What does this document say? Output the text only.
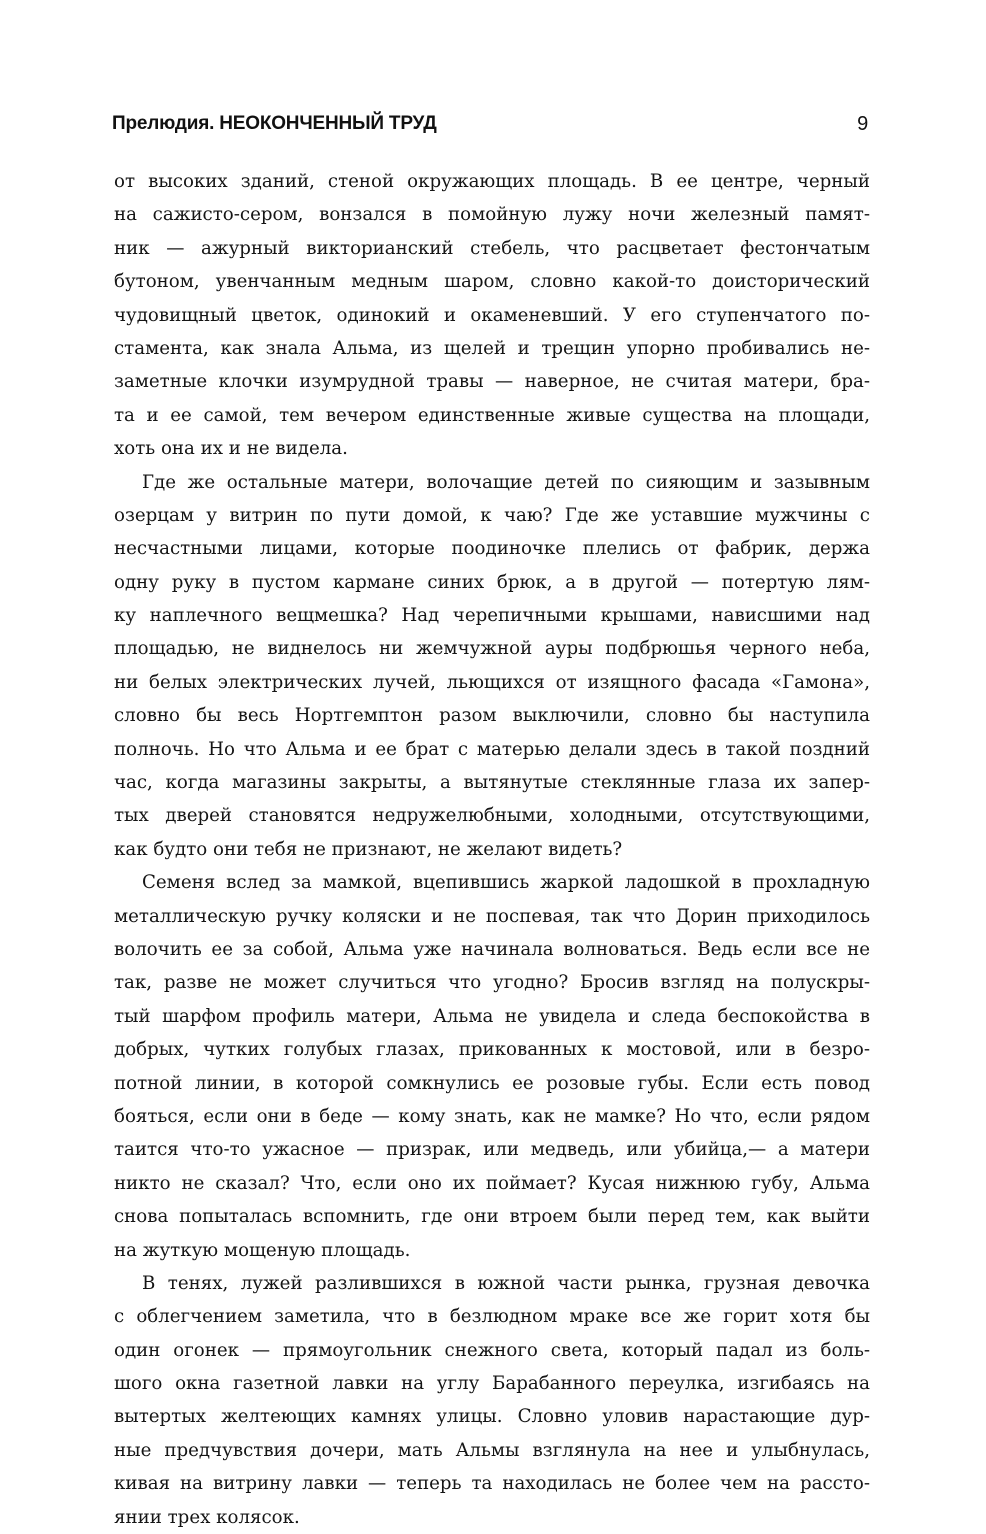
Прелюдия. НЕОКОНЧЕННЫЙ ТРУД	9
от высоких зданий, стеной окружающих площадь. В ее центре, черный
на сажисто-сером, вонзался в помойную лужу ночи железный памят-
ник — ажурный викторианский стебель, что расцветает фестончатым
бутоном, увенчанным медным шаром, словно какой-то доисторический
чудовищный цветок, одинокий и окаменевший. У его ступенчатого по-
стамента, как знала Альма, из щелей и трещин упорно пробивались не-
заметные клочки изумрудной травы — наверное, не считая матери, бра-
та и ее самой, тем вечером единственные живые существа на площади,
хоть она их и не видела.
Где же остальные матери, волочащие детей по сияющим и зазывным
озерцам у витрин по пути домой, к чаю? Где же уставшие мужчины с
несчастными лицами, которые поодиночке плелись от фабрик, держа
одну руку в пустом кармане синих брюк, а в другой — потертую лям-
ку наплечного вещмешка? Над черепичными крышами, нависшими над
площадью, не виднелось ни жемчужной ауры подбрюшья черного неба,
ни белых электрических лучей, льющихся от изящного фасада «Гамона»,
словно бы весь Нортгемптон разом выключили, словно бы наступила
полночь. Но что Альма и ее брат с матерью делали здесь в такой поздний
час, когда магазины закрыты, а вытянутые стеклянные глаза их запер-
тых дверей становятся недружелюбными, холодными, отсутствующими,
как будто они тебя не признают, не желают видеть?
Семеня вслед за мамкой, вцепившись жаркой ладошкой в прохладную
металлическую ручку коляски и не поспевая, так что Дорин приходилось
волочить ее за собой, Альма уже начинала волноваться. Ведь если все не
так, разве не может случиться что угодно? Бросив взгляд на полускры-
тый шарфом профиль матери, Альма не увидела и следа беспокойства в
добрых, чутких голубых глазах, прикованных к мостовой, или в безро-
потной линии, в которой сомкнулись ее розовые губы. Если есть повод
бояться, если они в беде — кому знать, как не мамке? Но что, если рядом
таится что-то ужасное — призрак, или медведь, или убийца,— а матери
никто не сказал? Что, если оно их поймает? Кусая нижнюю губу, Альма
снова попыталась вспомнить, где они втроем были перед тем, как выйти
на жуткую мощеную площадь.
В тенях, лужей разлившихся в южной части рынка, грузная девочка
с облегчением заметила, что в безлюдном мраке все же горит хотя бы
один огонек — прямоугольник снежного света, который падал из боль-
шого окна газетной лавки на углу Барабанного переулка, изгибаясь на
вытертых желтеющих камнях улицы. Словно уловив нарастающие дур-
ные предчувствия дочери, мать Альмы взглянула на нее и улыбнулась,
кивая на витрину лавки — теперь та находилась не более чем на рассто-
янии трех колясок.
